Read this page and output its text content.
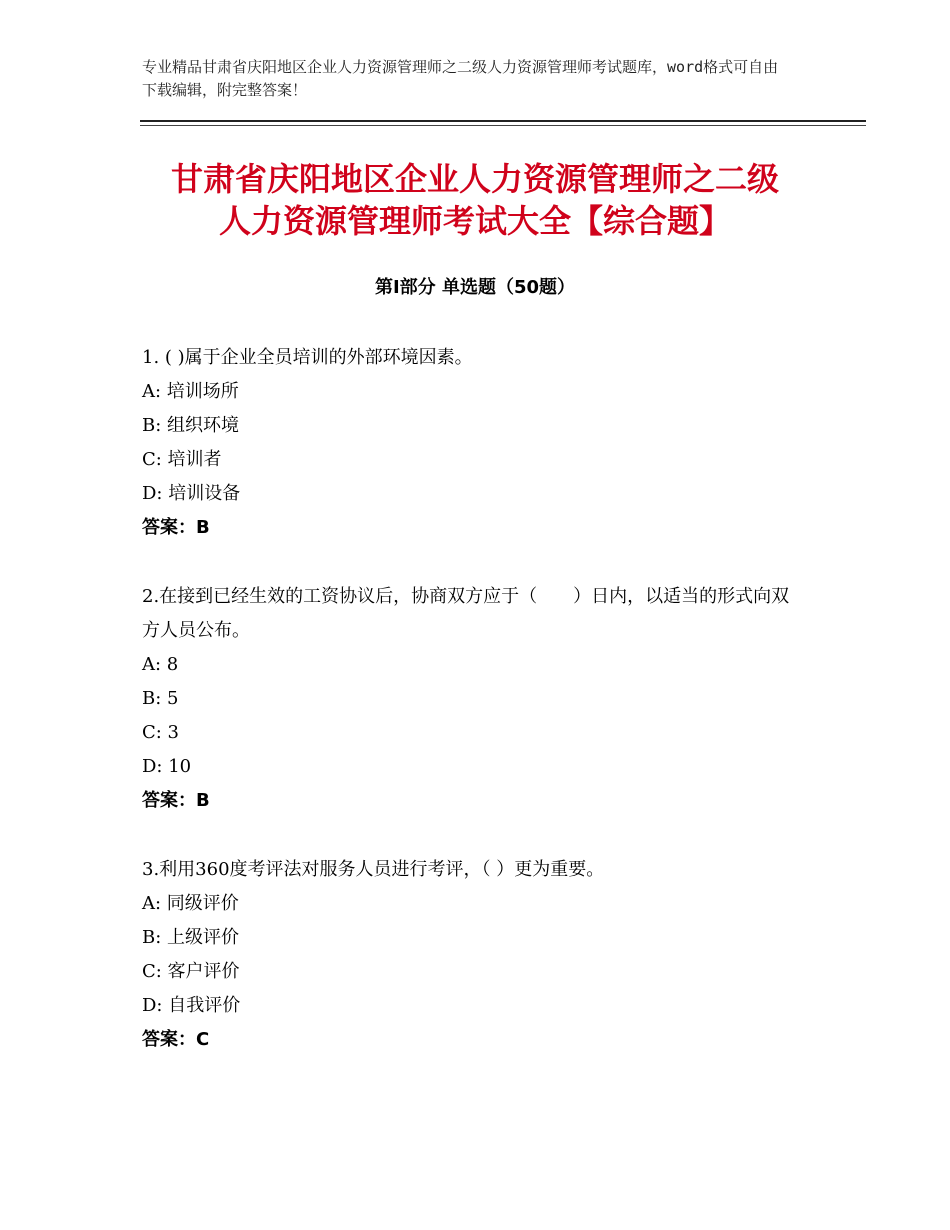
专业精品甘肃省庆阳地区企业人力资源管理师之二级人力资源管理师考试题库，word格式可自由下载编辑，附完整答案！
甘肃省庆阳地区企业人力资源管理师之二级
人力资源管理师考试大全【综合题】
第Ⅰ部分 单选题（50题）

1. ( )属于企业全员培训的外部环境因素。

A: 培训场所

B: 组织环境

C: 培训者

D: 培训设备

答案：B

2.在接到已经生效的工资协议后，协商双方应于（　　）日内，以适当的形式向双方人员公布。

A: 8

B: 5

C: 3

D: 10

答案：B

3.利用360度考评法对服务人员进行考评，（ ）更为重要。

A: 同级评价

B: 上级评价

C: 客户评价

D: 自我评价

答案：C
